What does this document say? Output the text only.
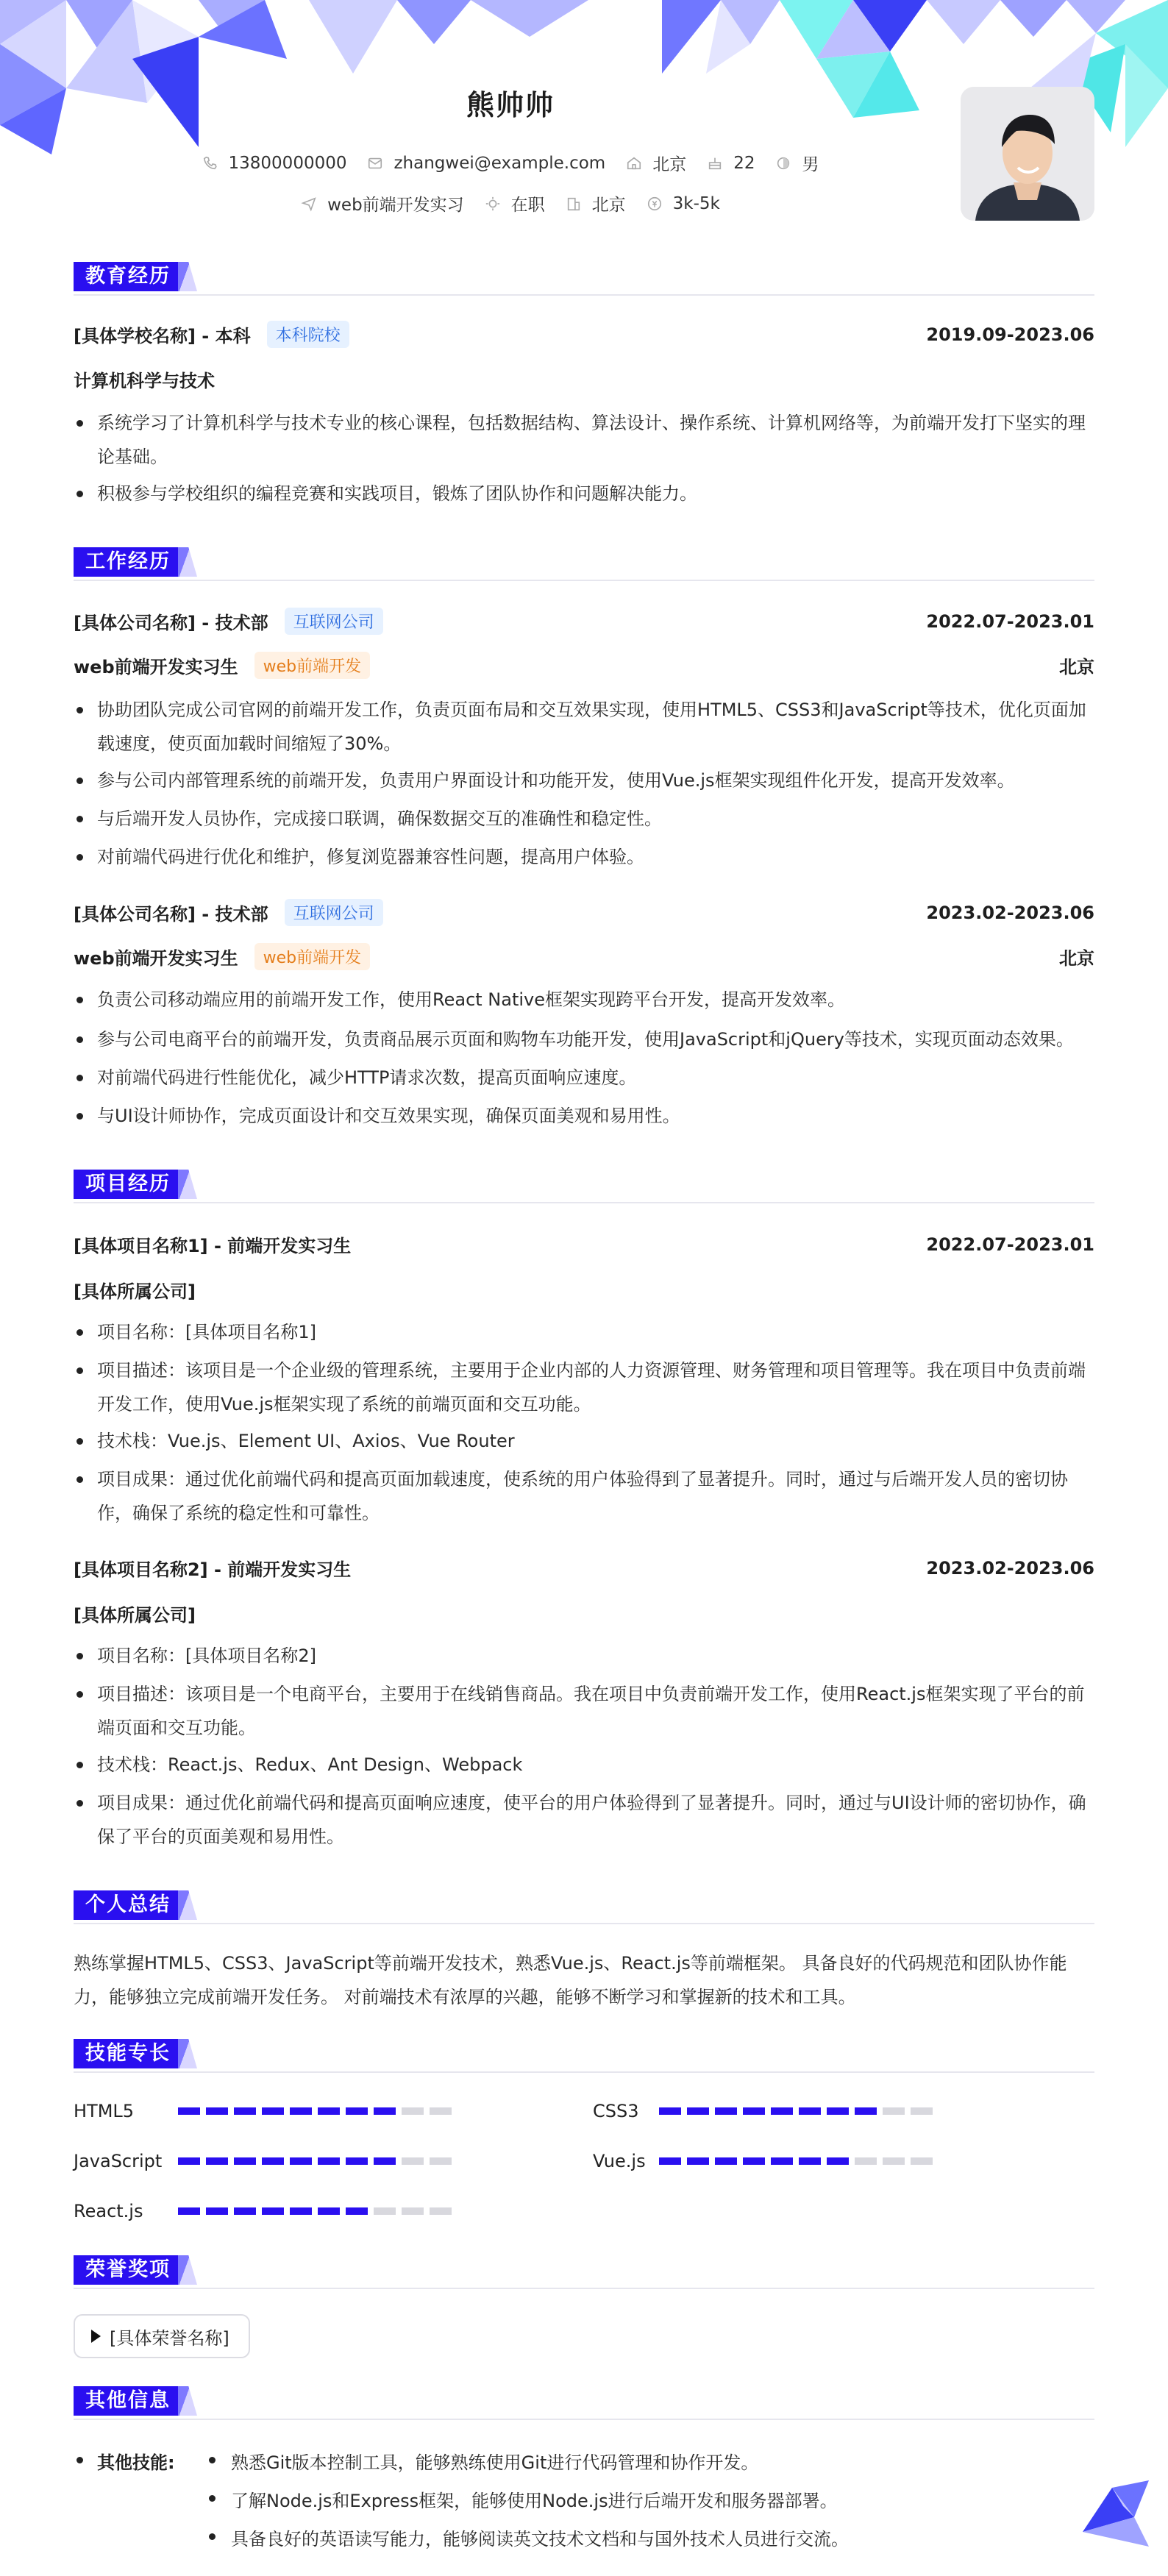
熊帅帅
13800000000	zhangwei@example.com	北京	22	男
web前端开发实习	在职	北京	3k-5k
教育经历
[具体学校名称] - 本科	本科院校	2019.09-2023.06
计算机科学与技术
系统学习了计算机科学与技术专业的核心课程，包括数据结构、算法设计、操作系统、计算机网络等，为前端开发打下坚实的理论基础。
积极参与学校组织的编程竞赛和实践项目，锻炼了团队协作和问题解决能力。
工作经历
[具体公司名称] - 技术部	互联网公司	2022.07-2023.01
web前端开发实习生	web前端开发	北京
协助团队完成公司官网的前端开发工作，负责页面布局和交互效果实现，使用HTML5、CSS3和JavaScript等技术，优化页面加载速度，使页面加载时间缩短了30%。
参与公司内部管理系统的前端开发，负责用户界面设计和功能开发，使用Vue.js框架实现组件化开发，提高开发效率。
与后端开发人员协作，完成接口联调，确保数据交互的准确性和稳定性。
对前端代码进行优化和维护，修复浏览器兼容性问题，提高用户体验。
[具体公司名称] - 技术部	互联网公司	2023.02-2023.06
web前端开发实习生	web前端开发	北京
负责公司移动端应用的前端开发工作，使用React Native框架实现跨平台开发，提高开发效率。
参与公司电商平台的前端开发，负责商品展示页面和购物车功能开发，使用JavaScript和jQuery等技术，实现页面动态效果。
对前端代码进行性能优化，减少HTTP请求次数，提高页面响应速度。
与UI设计师协作，完成页面设计和交互效果实现，确保页面美观和易用性。
项目经历
[具体项目名称1] - 前端开发实习生	2022.07-2023.01
[具体所属公司]
项目名称：[具体项目名称1]
项目描述：该项目是一个企业级的管理系统，主要用于企业内部的人力资源管理、财务管理和项目管理等。我在项目中负责前端开发工作，使用Vue.js框架实现了系统的前端页面和交互功能。
技术栈：Vue.js、Element UI、Axios、Vue Router
项目成果：通过优化前端代码和提高页面加载速度，使系统的用户体验得到了显著提升。同时，通过与后端开发人员的密切协作，确保了系统的稳定性和可靠性。
[具体项目名称2] - 前端开发实习生	2023.02-2023.06
[具体所属公司]
项目名称：[具体项目名称2]
项目描述：该项目是一个电商平台，主要用于在线销售商品。我在项目中负责前端开发工作，使用React.js框架实现了平台的前端页面和交互功能。
技术栈：React.js、Redux、Ant Design、Webpack
项目成果：通过优化前端代码和提高页面响应速度，使平台的用户体验得到了显著提升。同时，通过与UI设计师的密切协作，确保了平台的页面美观和易用性。
个人总结
熟练掌握HTML5、CSS3、JavaScript等前端开发技术，熟悉Vue.js、React.js等前端框架。 具备良好的代码规范和团队协作能力，能够独立完成前端开发任务。 对前端技术有浓厚的兴趣，能够不断学习和掌握新的技术和工具。
技能专长
HTML5	CSS3
JavaScript	Vue.js
React.js
荣誉奖项
[具体荣誉名称]
其他信息
其他技能:	熟悉Git版本控制工具，能够熟练使用Git进行代码管理和协作开发。
了解Node.js和Express框架，能够使用Node.js进行后端开发和服务器部署。
具备良好的英语读写能力，能够阅读英文技术文档和与国外技术人员进行交流。
